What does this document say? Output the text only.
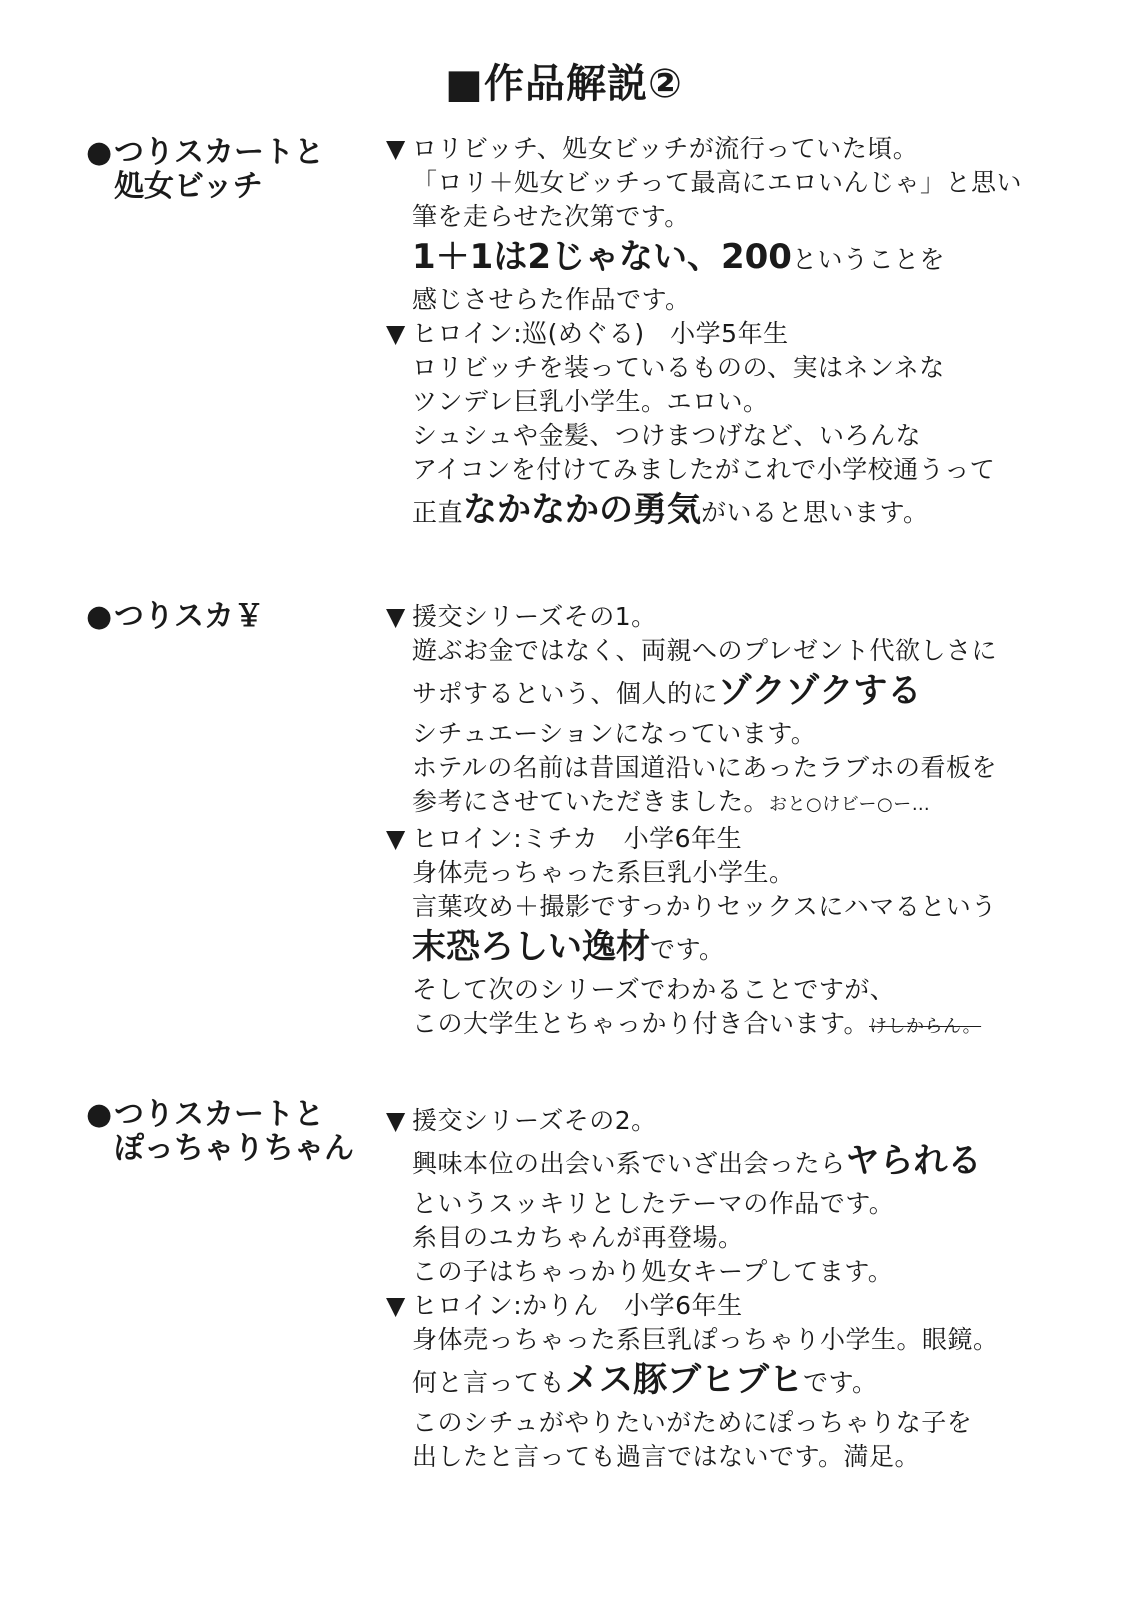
■作品解説②
●つりスカートと
処女ビッチ
▼ ロリビッチ、処女ビッチが流行っていた頃。
「ロリ＋処女ビッチって最高にエロいんじゃ」と思い
筆を走らせた次第です。
1＋1は2じゃない、200ということを
感じさせらた作品です。
▼ ヒロイン:巡(めぐる)　小学5年生
ロリビッチを装っているものの、実はネンネな
ツンデレ巨乳小学生。エロい。
シュシュや金髪、つけまつげなど、いろんな
アイコンを付けてみましたがこれで小学校通うって
正直なかなかの勇気がいると思います。
●つりスカ￥	▼ 援交シリーズその1。
遊ぶお金ではなく、両親へのプレゼント代欲しさに
サポするという、個人的にゾクゾクする
シチュエーションになっています。
ホテルの名前は昔国道沿いにあったラブホの看板を
参考にさせていただきました。おと○けビー○ー…
▼ ヒロイン:ミチカ　小学6年生
身体売っちゃった系巨乳小学生。
言葉攻め＋撮影ですっかりセックスにハマるという
末恐ろしい逸材です。
そして次のシリーズでわかることですが、
この大学生とちゃっかり付き合います。けしからん。
●つりスカートと
ぽっちゃりちゃん
▼ 援交シリーズその2。
興味本位の出会い系でいざ出会ったらヤられる
というスッキリとしたテーマの作品です。
糸目のユカちゃんが再登場。
この子はちゃっかり処女キープしてます。
▼ ヒロイン:かりん　小学6年生
身体売っちゃった系巨乳ぽっちゃり小学生。眼鏡。
何と言ってもメス豚ブヒブヒです。
このシチュがやりたいがためにぽっちゃりな子を
出したと言っても過言ではないです。満足。
